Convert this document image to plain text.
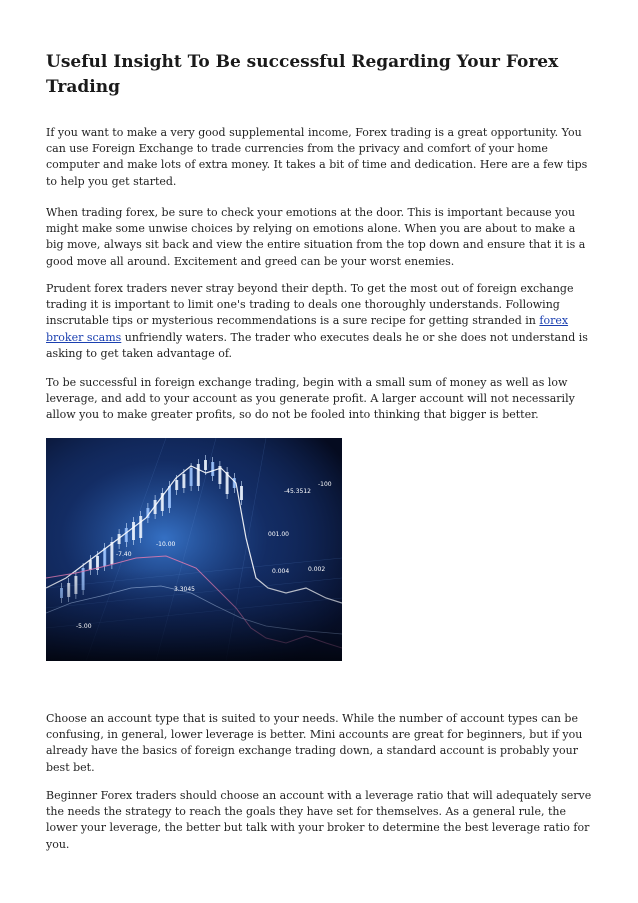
Useful Insight To Be successful Regarding Your Forex Trading

If you want to make a very good supplemental income, Forex trading is a great opportunity. You can use Foreign Exchange to trade currencies from the privacy and comfort of your home computer and make lots of extra money. It takes a bit of time and dedication. Here are a few tips to help you get started.

When trading forex, be sure to check your emotions at the door. This is important because you might make some unwise choices by relying on emotions alone. When you are about to make a big move, always sit back and view the entire situation from the top down and ensure that it is a good move all around. Excitement and greed can be your worst enemies.

Prudent forex traders never stray beyond their depth. To get the most out of foreign exchange trading it is important to limit one's trading to deals one thoroughly understands. Following inscrutable tips or mysterious recommendations is a sure recipe for getting stranded in forex broker scams unfriendly waters. The trader who executes deals he or she does not understand is asking to get taken advantage of.

To be successful in foreign exchange trading, begin with a small sum of money as well as low leverage, and add to your account as you generate profit. A larger account will not necessarily allow you to make greater profits, so do not be fooled into thinking that bigger is better.

-45.3512
-100
001.00
0.004	0.002
3.3045
-10.00
-7.40
-5.00

Choose an account type that is suited to your needs. While the number of account types can be confusing, in general, lower leverage is better. Mini accounts are great for beginners, but if you already have the basics of foreign exchange trading down, a standard account is probably your best bet.

Beginner Forex traders should choose an account with a leverage ratio that will adequately serve the needs the strategy to reach the goals they have set for themselves. As a general rule, the lower your leverage, the better but talk with your broker to determine the best leverage ratio for you.
